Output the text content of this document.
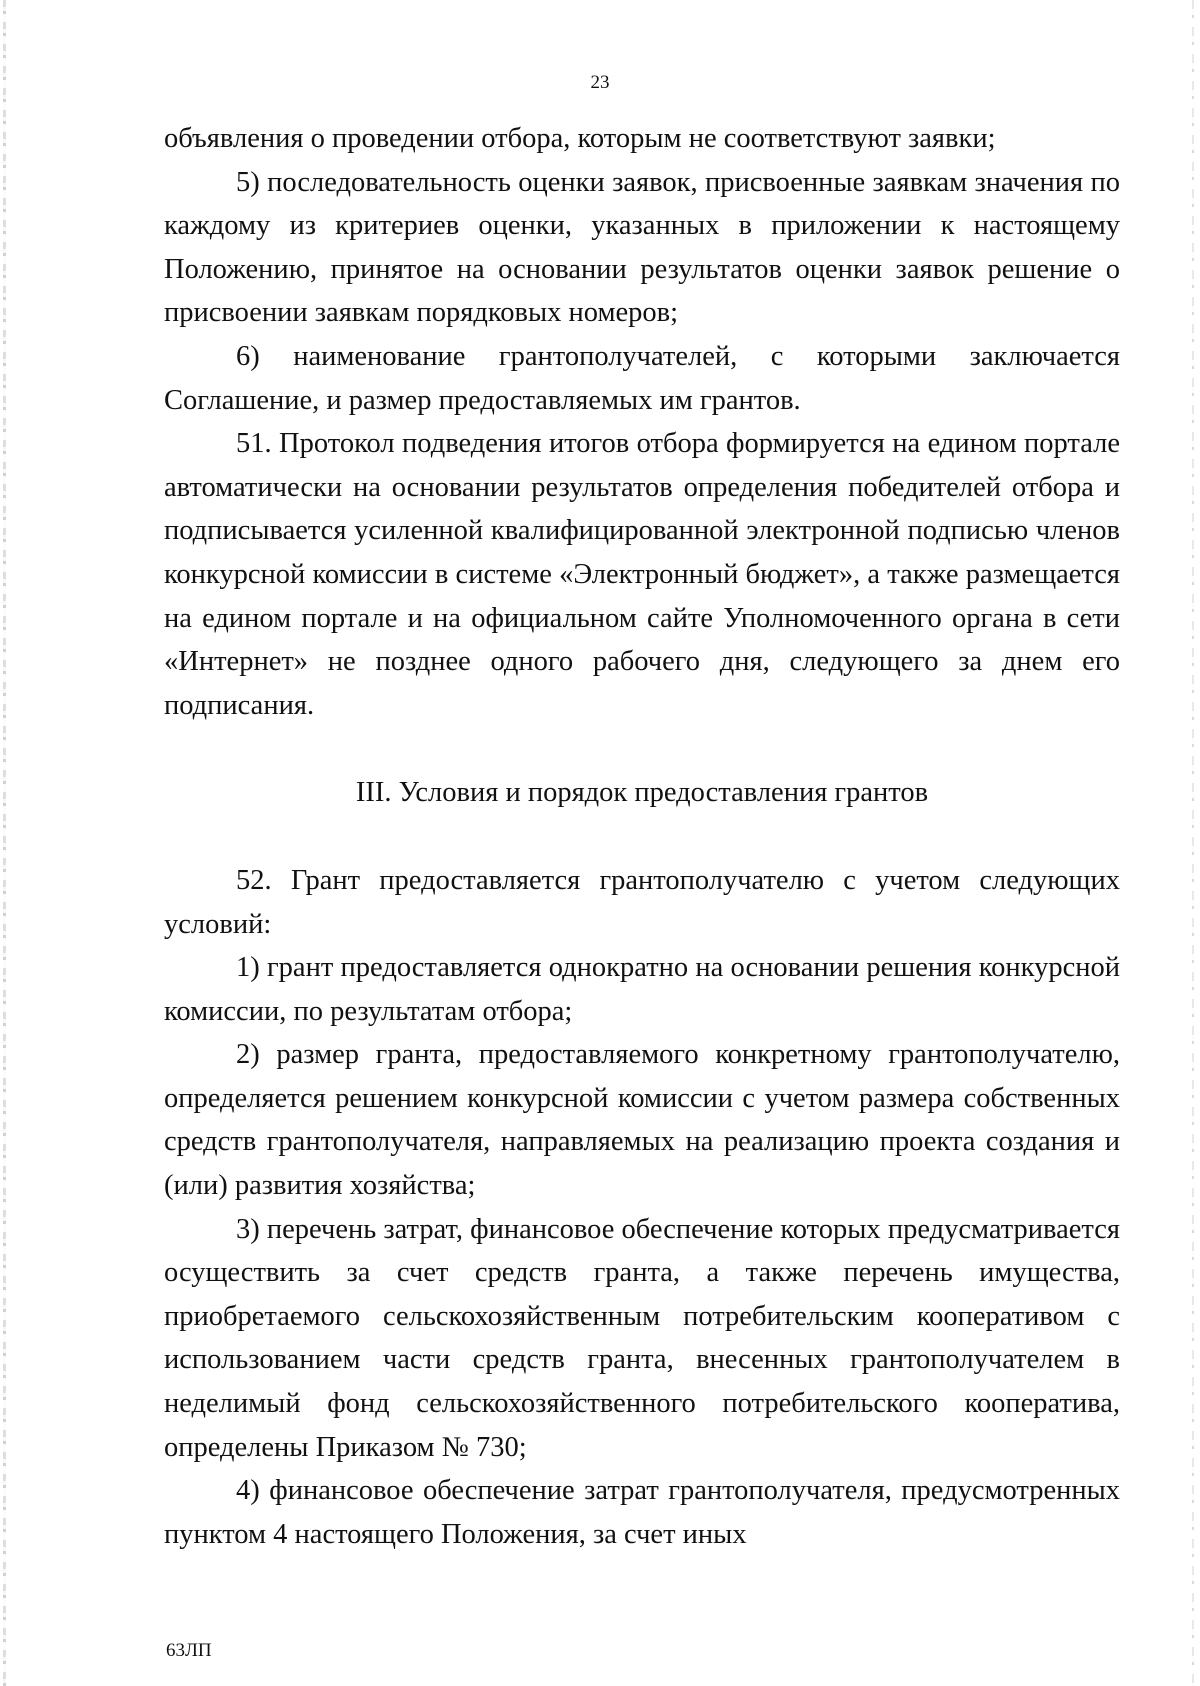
23

объявления о проведении отбора, которым не соответствуют заявки;

5) последовательность оценки заявок, присвоенные заявкам значения по каждому из критериев оценки, указанных в приложении к настоящему Положению, принятое на основании результатов оценки заявок решение о присвоении заявкам порядковых номеров;

6) наименование грантополучателей, с которыми заключается Соглашение, и размер предоставляемых им грантов.

51. Протокол подведения итогов отбора формируется на едином портале автоматически на основании результатов определения победителей отбора и подписывается усиленной квалифицированной электронной подписью членов конкурсной комиссии в системе «Электронный бюджет», а также размещается на едином портале и на официальном сайте Уполномоченного органа в сети «Интернет» не позднее одного рабочего дня, следующего за днем его подписания.

III. Условия и порядок предоставления грантов

52. Грант предоставляется грантополучателю с учетом следующих условий:

1) грант предоставляется однократно на основании решения конкурсной комиссии, по результатам отбора;

2) размер гранта, предоставляемого конкретному грантополучателю, определяется решением конкурсной комиссии с учетом размера собственных средств грантополучателя, направляемых на реализацию проекта создания и (или) развития хозяйства;

3) перечень затрат, финансовое обеспечение которых предусматривается осуществить за счет средств гранта, а также перечень имущества, приобретаемого сельскохозяйственным потребительским кооперативом с использованием части средств гранта, внесенных грантополучателем в неделимый фонд сельскохозяйственного потребительского кооператива, определены Приказом № 730;

4) финансовое обеспечение затрат грантополучателя, предусмотренных пунктом 4 настоящего Положения, за счет иных

63ЛП
